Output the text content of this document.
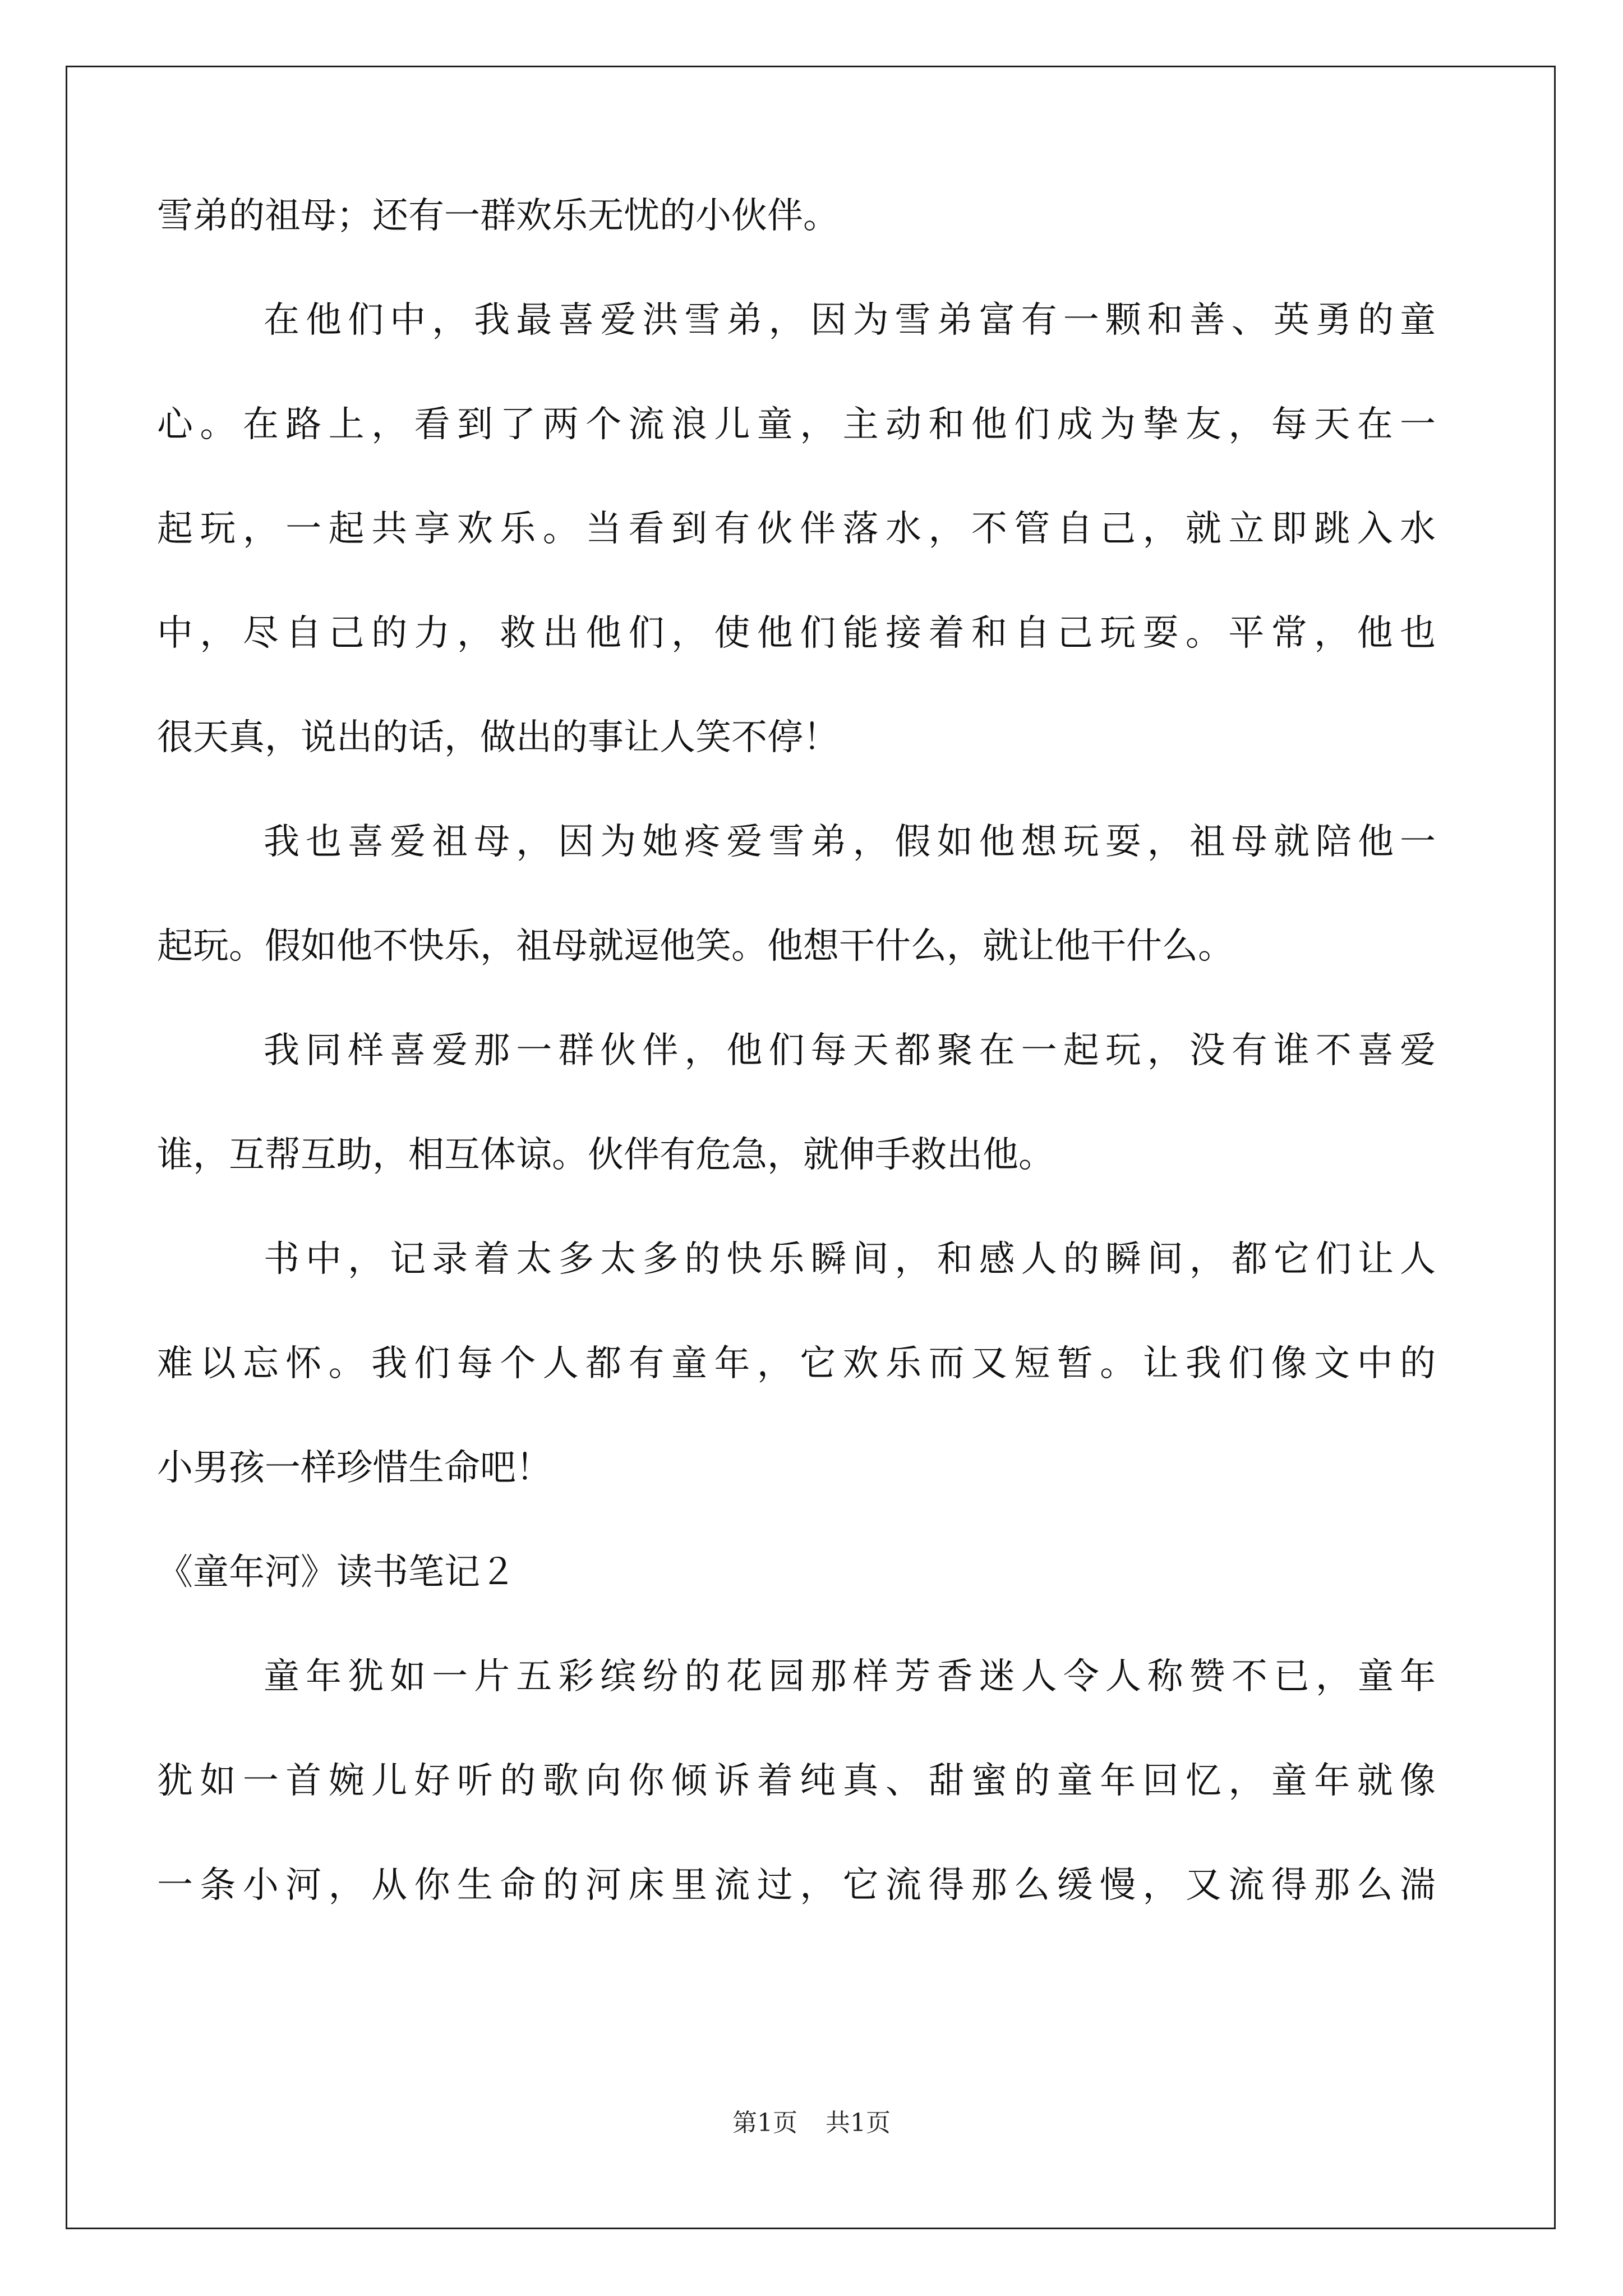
雪弟的祖母；还有一群欢乐无忧的小伙伴。
在他们中，我最喜爱洪雪弟，因为雪弟富有一颗和善、英勇的童
心。在路上，看到了两个流浪儿童，主动和他们成为挚友，每天在一
起玩，一起共享欢乐。当看到有伙伴落水，不管自己，就立即跳入水
中，尽自己的力，救出他们，使他们能接着和自己玩耍。平常，他也
很天真，说出的话，做出的事让人笑不停！
我也喜爱祖母，因为她疼爱雪弟，假如他想玩耍，祖母就陪他一
起玩。假如他不快乐，祖母就逗他笑。他想干什么，就让他干什么。
我同样喜爱那一群伙伴，他们每天都聚在一起玩，没有谁不喜爱
谁，互帮互助，相互体谅。伙伴有危急，就伸手救出他。
书中，记录着太多太多的快乐瞬间，和感人的瞬间，都它们让人
难以忘怀。我们每个人都有童年，它欢乐而又短暂。让我们像文中的
小男孩一样珍惜生命吧！
《童年河》读书笔记２
童年犹如一片五彩缤纷的花园那样芳香迷人令人称赞不已，童年
犹如一首婉儿好听的歌向你倾诉着纯真、甜蜜的童年回忆，童年就像
一条小河，从你生命的河床里流过，它流得那么缓慢，又流得那么湍
第1页 共1页
